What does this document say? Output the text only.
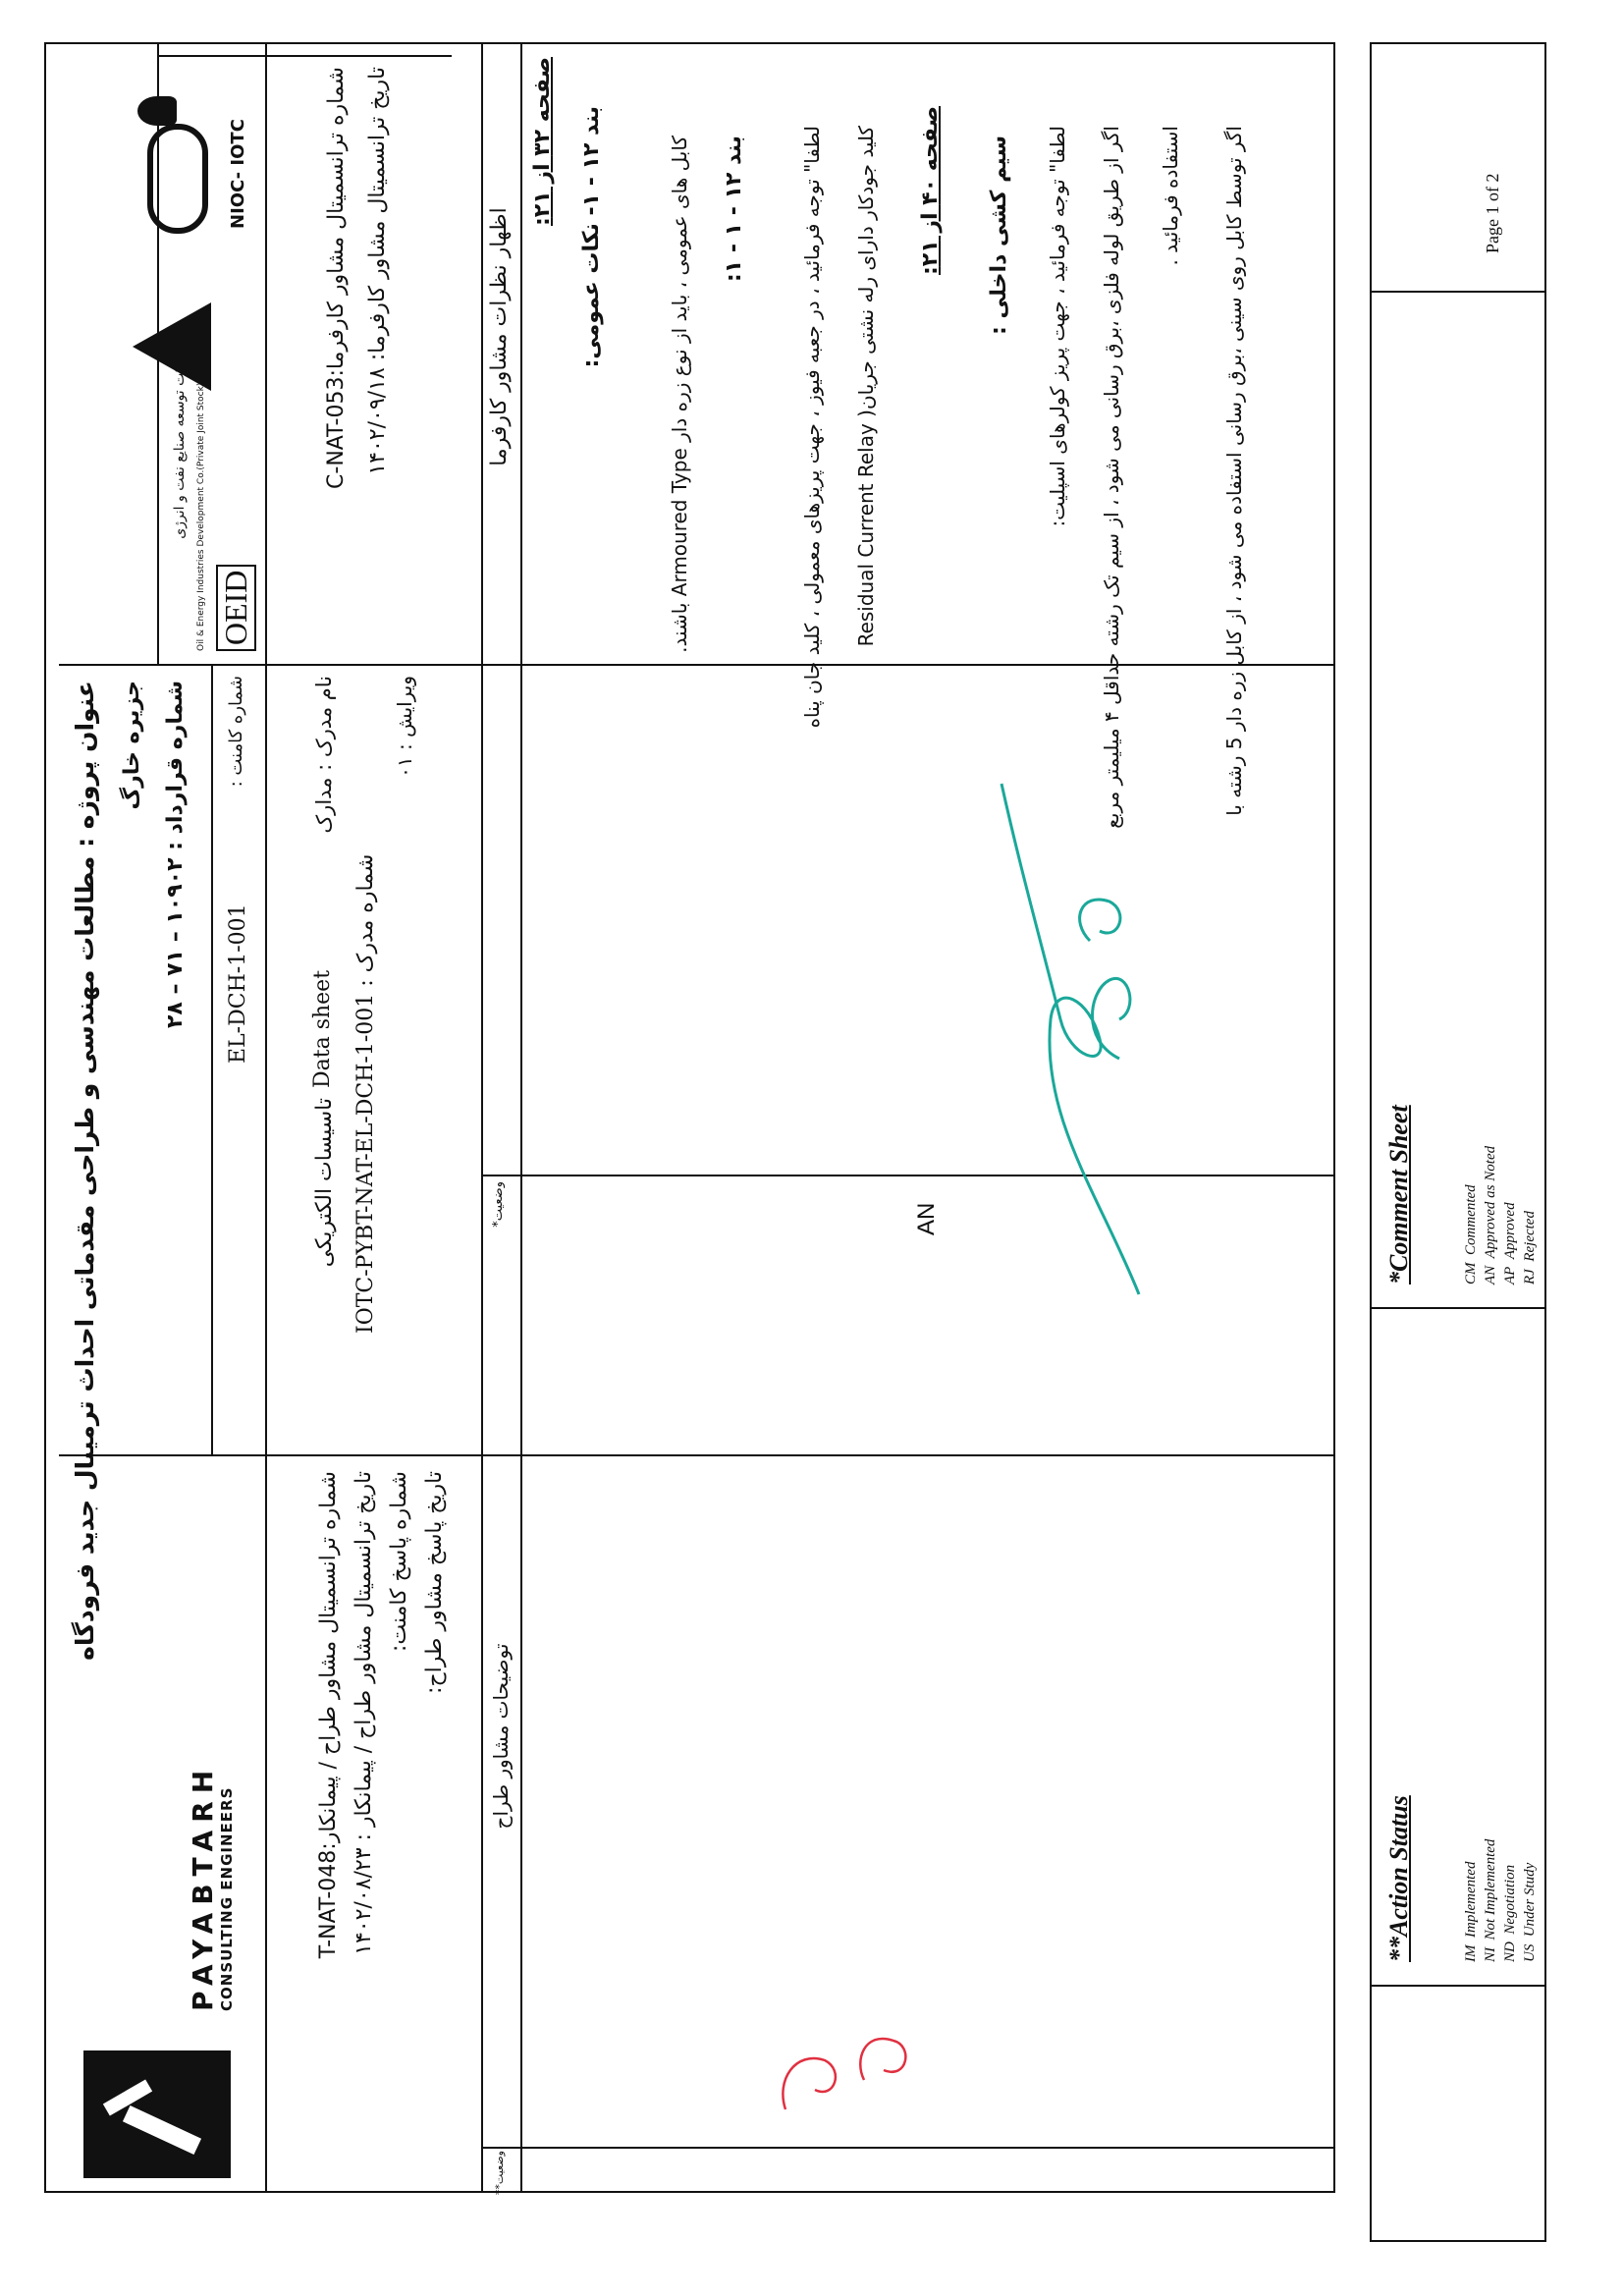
PAYABTARH CONSULTING ENGINEERS	شماره ترانسمیتال مشاور طراح / پیمانکار:T-NAT-048
تاریخ ترانسمیتال مشاور طراح / پیمانکار : ۱۴۰۲/۰۸/۲۳ شماره پاسخ کامنت: تاریخ پاسخ مشاور طراح:
وضعیت**
توضیحات مشاور طراح
وضعیت*
اظهار نظرات مشاور کارفرما
عنوان پروژه : مطالعات مهندسی و طراحی مقدماتی احداث ترمینال جدید فرودگاه جزیره خارگ
شماره قرارداد : ۱۰۹۰۲ – ۷۱ – ۲۸
EL-DCH-1-001
شماره کامنت :	نام مدرک : مدارک
Data sheet
تاسیسات الکتریکی شماره مدرک : IOTC-PYBT-NAT-EL-DCH-1-001
ویرایش : ۰۱
OEID
شرکت توسعه صنایع نفت و انرژی Oil & Energy Industries Development Co.(Private Joint Stock)
NIOC- IOTC
شماره ترانسمیتال مشاور کارفرما:C-NAT-053
تاریخ ترانسمیتال مشاور کارفرما: ۱۴۰۲/۰۹/۱۸
AN
صفحه ۳۲ از ۲۱:
بند ۱۲ - ۱- نکات عمومی:
کابل های عمومی ، باید از نوع زره دار Armoured Type باشند. بند ۱۲ - ۱ - ۱:	لطفا" توجه فرمائید ، در جعبه فیوز ، جهت پریزهای معمولی ، کلید جان پناه کلید جودکار دارای رله نشتی جریان( Residual Current Relay صفحه ۴۰ از ۲۱: سیم کشی داخلی : لطفا" توجه فرمائید ، جهت پریز کولرهای اسپلیت:
اگر از طریق لوله فلزی ،برق رسانی می شود ، از سیم تک رشته حداقل ۴ میلیمتر مربع استفاده فرمائید .
اگر توسط کابل روی سینی ،برق رسانی استفاده می شود ، از کابل زره دار 5 رشته با
**Action Status	IM  Implemented
NI  Not Implemented
ND  Negotiation
US  Under Study
*Comment Sheet	CM  Commented
AN  Approved as Noted
AP  Approved
RJ  Rejected
Page 1 of 2
